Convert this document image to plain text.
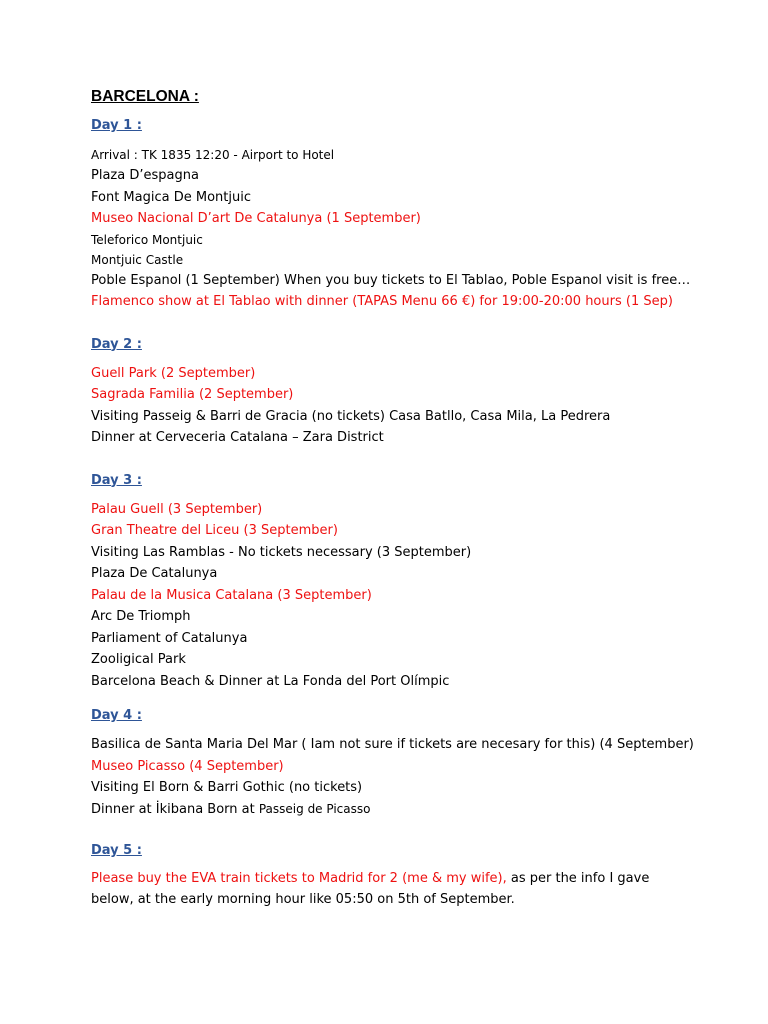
BARCELONA :

Day 1 :

Arrival : TK 1835 12:20 - Airport to Hotel

Plaza D’espagna

Font Magica De Montjuic

Museo Nacional D’art De Catalunya (1 September)

Teleforico Montjuic

Montjuic Castle

Poble Espanol (1 September) When you buy tickets to El Tablao, Poble Espanol visit is free…

Flamenco show at El Tablao with dinner (TAPAS Menu 66 €) for 19:00-20:00 hours (1 Sep)

Day 2 :

Guell Park (2 September)

Sagrada Familia (2 September)

Visiting Passeig & Barri de Gracia (no tickets) Casa Batllo, Casa Mila, La Pedrera

Dinner at Cerveceria Catalana – Zara District

Day 3 :

Palau Guell (3 September)

Gran Theatre del Liceu (3 September)

Visiting Las Ramblas - No tickets necessary (3 September)

Plaza De Catalunya

Palau de la Musica Catalana (3 September)

Arc De Triomph

Parliament of Catalunya

Zooligical Park

Barcelona Beach & Dinner at La Fonda del Port Olímpic

Day 4 :

Basilica de Santa Maria Del Mar ( Iam not sure if tickets are necesary for this) (4 September)

Museo Picasso (4 September)

Visiting El Born & Barri Gothic (no tickets)

Dinner at İkibana Born at Passeig de Picasso

Day 5 :

Please buy the EVA train tickets to Madrid for 2 (me & my wife), as per the info I gave below, at the early morning hour like 05:50 on 5th of September.
